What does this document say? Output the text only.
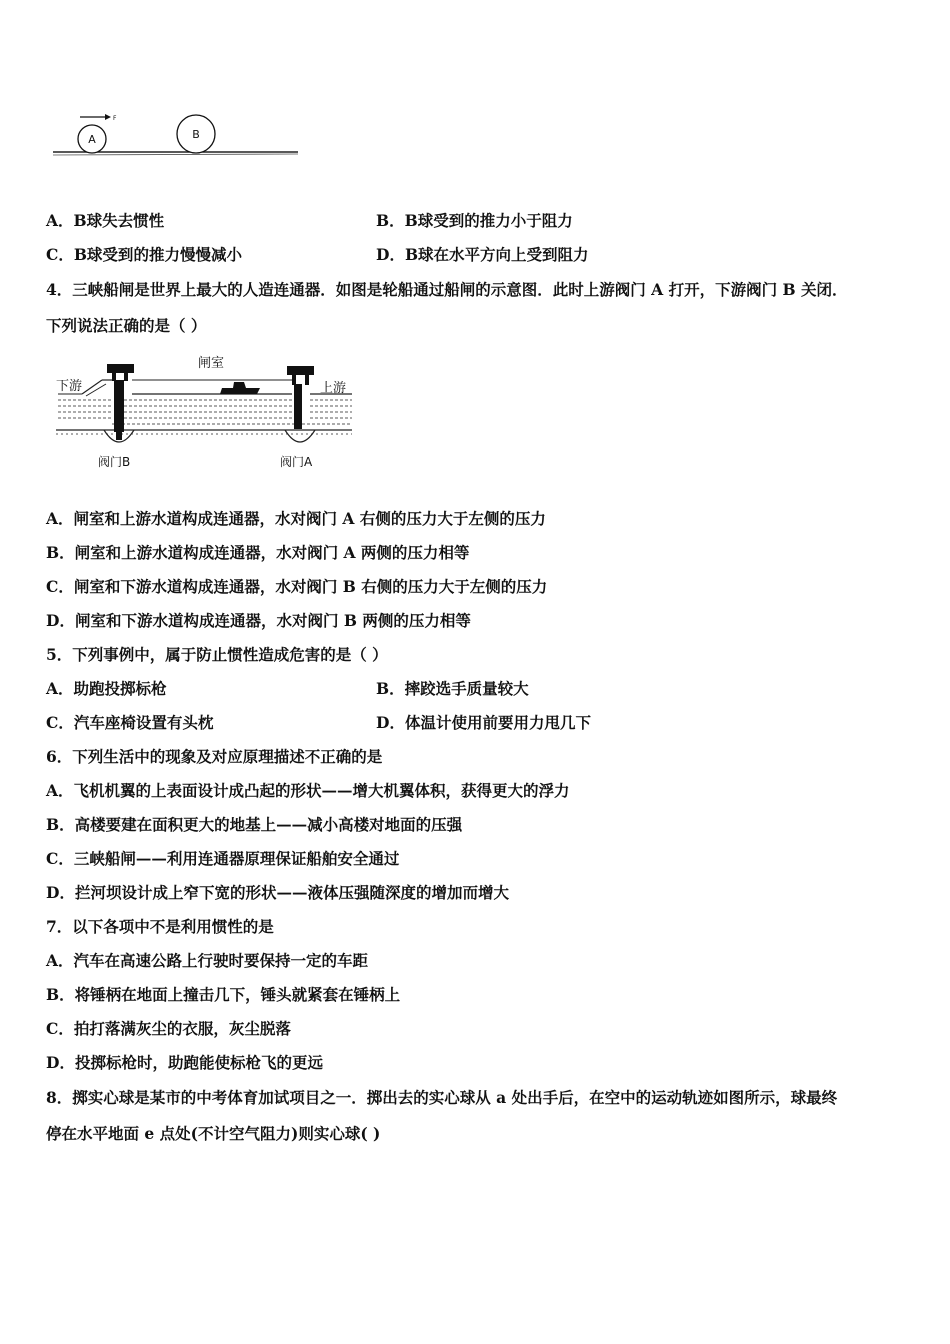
F
A	B
A．B球失去惯性	B．B球受到的推力小于阻力
C．B球受到的推力慢慢减小	D．B球在水平方向上受到阻力
4．三峡船闸是世界上最大的人造连通器．如图是轮船通过船闸的示意图．此时上游阀门 A 打开，下游阀门 B 关闭．
下列说法正确的是（ ）
闸室
下游	上游
阀门B	阀门A
A．闸室和上游水道构成连通器，水对阀门 A 右侧的压力大于左侧的压力
B．闸室和上游水道构成连通器，水对阀门 A 两侧的压力相等
C．闸室和下游水道构成连通器，水对阀门 B 右侧的压力大于左侧的压力
D．闸室和下游水道构成连通器，水对阀门 B 两侧的压力相等
5．下列事例中，属于防止惯性造成危害的是（ ）
A．助跑投掷标枪	B．摔跤选手质量较大
C．汽车座椅设置有头枕	D．体温计使用前要用力甩几下
6．下列生活中的现象及对应原理描述不正确的是
A．飞机机翼的上表面设计成凸起的形状——增大机翼体积，获得更大的浮力
B．高楼要建在面积更大的地基上——减小高楼对地面的压强
C．三峡船闸——利用连通器原理保证船舶安全通过
D．拦河坝设计成上窄下宽的形状——液体压强随深度的增加而增大
7．以下各项中不是利用惯性的是
A．汽车在高速公路上行驶时要保持一定的车距
B．将锤柄在地面上撞击几下，锤头就紧套在锤柄上
C．拍打落满灰尘的衣服，灰尘脱落
D．投掷标枪时，助跑能使标枪飞的更远
8．掷实心球是某市的中考体育加试项目之一．掷出去的实心球从 a 处出手后，在空中的运动轨迹如图所示，球最终
停在水平地面 e 点处(不计空气阻力)则实心球( )
